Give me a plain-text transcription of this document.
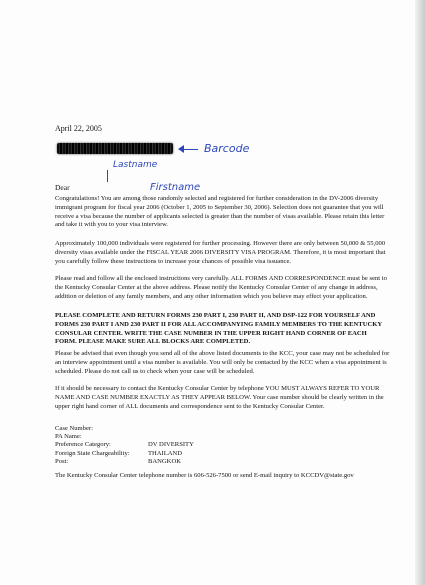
April 22, 2005
Barcode
Lastname
Firstname
Dear
Congratulations! You are among those randomly selected and registered for further consideration in the DV-2006 diversity immigrant program for fiscal year 2006 (October 1, 2005 to September 30, 2006). Selection does not guarantee that you will receive a visa because the number of applicants selected is greater than the number of visas available. Please retain this letter and take it with you to your visa interview.
Approximately 100,000 individuals were registered for further processing. However there are only between 50,000 & 55,000 diversity visas available under the FISCAL YEAR 2006 DIVERSITY VISA PROGRAM. Therefore, it is most important that you carefully follow these instructions to increase your chances of possible visa issuance.
Please read and follow all the enclosed instructions very carefully. ALL FORMS AND CORRESPONDENCE must be sent to the Kentucky Consular Center at the above address. Please notify the Kentucky Consular Center of any change in address, addition or deletion of any family members, and any other information which you believe may effect your application.
PLEASE COMPLETE AND RETURN FORMS 230 PART I, 230 PART II, AND DSP-122 FOR YOURSELF AND FORMS 230 PART I AND 230 PART II FOR ALL ACCOMPANYING FAMILY MEMBERS TO THE KENTUCKY CONSULAR CENTER. WRITE THE CASE NUMBER IN THE UPPER RIGHT HAND CORNER OF EACH FORM. PLEASE MAKE SURE ALL BLOCKS ARE COMPLETED.
Please be advised that even though you send all of the above listed documents to the KCC, your case may not be scheduled for an interview appointment until a visa number is available. You will only be contacted by the KCC when a visa appointment is scheduled. Please do not call us to check when your case will be scheduled.
If it should be necessary to contact the Kentucky Consular Center by telephone YOU MUST ALWAYS REFER TO YOUR NAME AND CASE NUMBER EXACTLY AS THEY APPEAR BELOW. Your case number should be clearly written in the upper right hand corner of ALL documents and correspondence sent to the Kentucky Consular Center.
Case Number:
PA Name:
Preference Category:	DV DIVERSITY
Foreign State Chargeability:	THAILAND
Post:	BANGKOK
The Kentucky Consular Center telephone number is 606-526-7500 or send E-mail inquiry to KCCDV@state.gov
